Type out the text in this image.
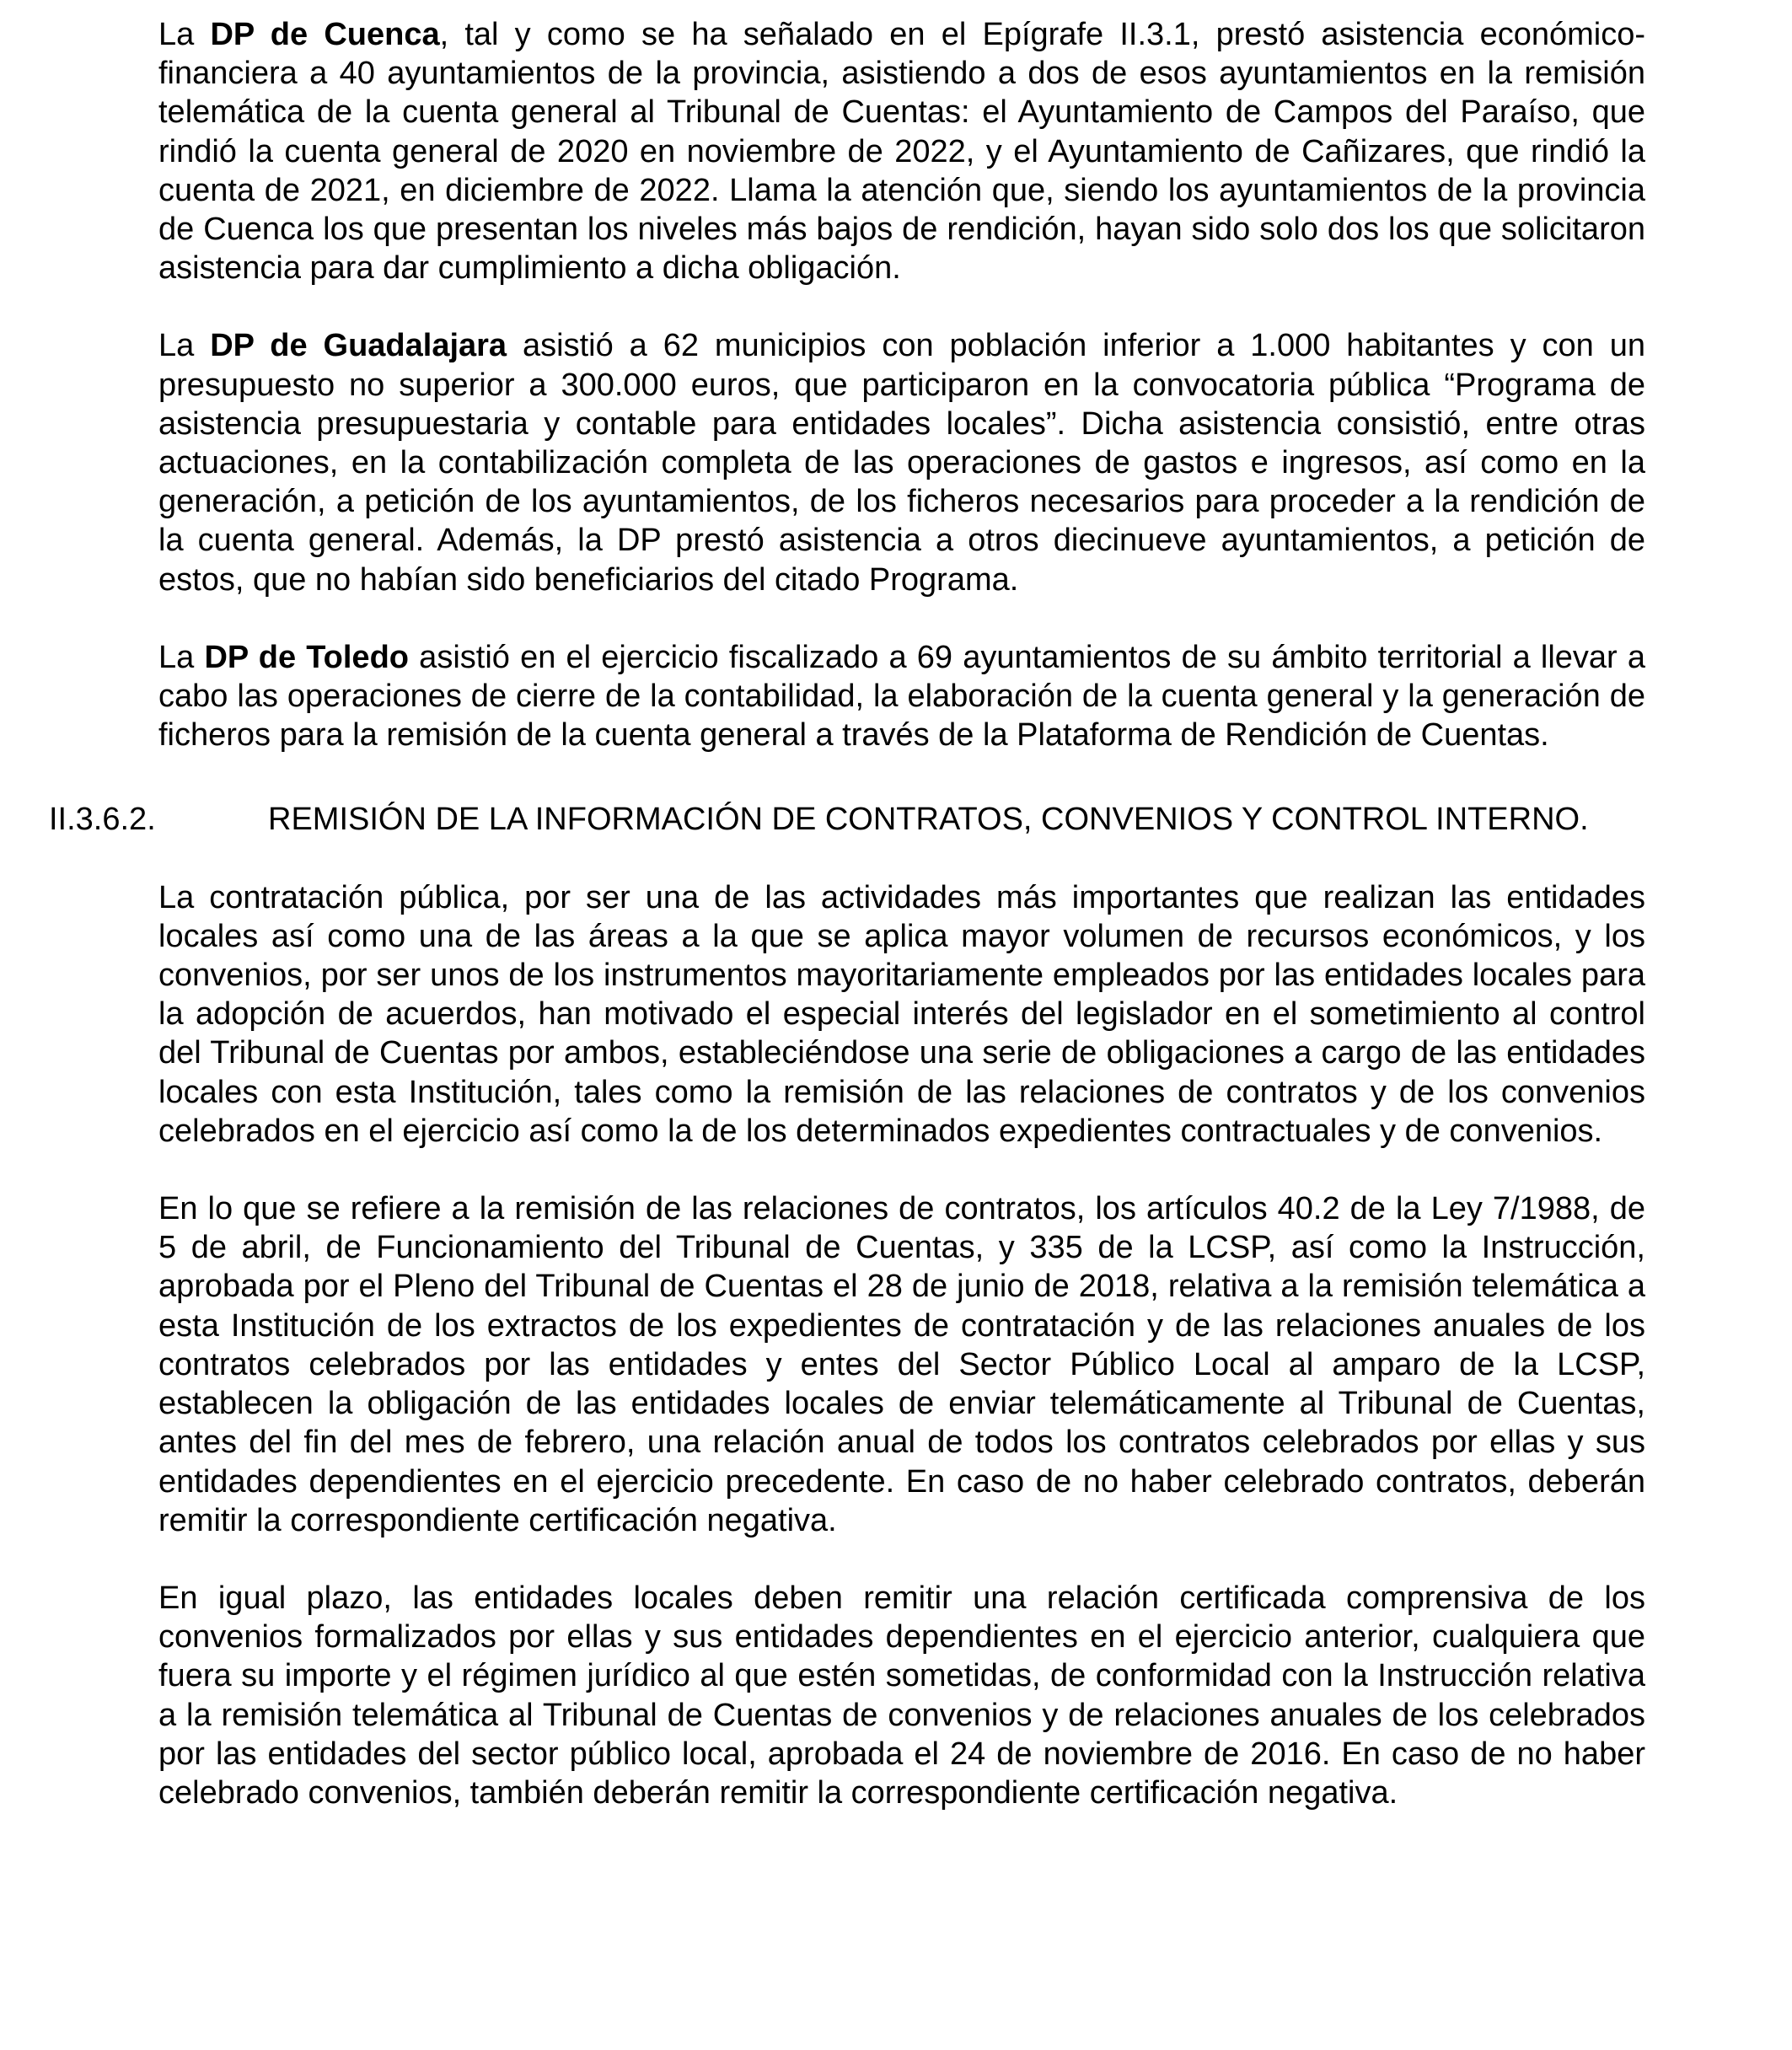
La DP de Cuenca, tal y como se ha señalado en el Epígrafe II.3.1, prestó asistencia económico-financiera a 40 ayuntamientos de la provincia, asistiendo a dos de esos ayuntamientos en la remisión telemática de la cuenta general al Tribunal de Cuentas: el Ayuntamiento de Campos del Paraíso, que rindió la cuenta general de 2020 en noviembre de 2022, y el Ayuntamiento de Cañizares, que rindió la cuenta de 2021, en diciembre de 2022. Llama la atención que, siendo los ayuntamientos de la provincia de Cuenca los que presentan los niveles más bajos de rendición, hayan sido solo dos los que solicitaron asistencia para dar cumplimiento a dicha obligación.

La DP de Guadalajara asistió a 62 municipios con población inferior a 1.000 habitantes y con un presupuesto no superior a 300.000 euros, que participaron en la convocatoria pública “Programa de asistencia presupuestaria y contable para entidades locales”. Dicha asistencia consistió, entre otras actuaciones, en la contabilización completa de las operaciones de gastos e ingresos, así como en la generación, a petición de los ayuntamientos, de los ficheros necesarios para proceder a la rendición de la cuenta general. Además, la DP prestó asistencia a otros diecinueve ayuntamientos, a petición de estos, que no habían sido beneficiarios del citado Programa.

La DP de Toledo asistió en el ejercicio fiscalizado a 69 ayuntamientos de su ámbito territorial a llevar a cabo las operaciones de cierre de la contabilidad, la elaboración de la cuenta general y la generación de ficheros para la remisión de la cuenta general a través de la Plataforma de Rendición de Cuentas.

II.3.6.2.	REMISIÓN DE LA INFORMACIÓN DE CONTRATOS, CONVENIOS Y CONTROL INTERNO.

La contratación pública, por ser una de las actividades más importantes que realizan las entidades locales así como una de las áreas a la que se aplica mayor volumen de recursos económicos, y los convenios, por ser unos de los instrumentos mayoritariamente empleados por las entidades locales para la adopción de acuerdos, han motivado el especial interés del legislador en el sometimiento al control del Tribunal de Cuentas por ambos, estableciéndose una serie de obligaciones a cargo de las entidades locales con esta Institución, tales como la remisión de las relaciones de contratos y de los convenios celebrados en el ejercicio así como la de los determinados expedientes contractuales y de convenios.

En lo que se refiere a la remisión de las relaciones de contratos, los artículos 40.2 de la Ley 7/1988, de 5 de abril, de Funcionamiento del Tribunal de Cuentas, y 335 de la LCSP, así como la Instrucción, aprobada por el Pleno del Tribunal de Cuentas el 28 de junio de 2018, relativa a la remisión telemática a esta Institución de los extractos de los expedientes de contratación y de las relaciones anuales de los contratos celebrados por las entidades y entes del Sector Público Local al amparo de la LCSP, establecen la obligación de las entidades locales de enviar telemáticamente al Tribunal de Cuentas, antes del fin del mes de febrero, una relación anual de todos los contratos celebrados por ellas y sus entidades dependientes en el ejercicio precedente. En caso de no haber celebrado contratos, deberán remitir la correspondiente certificación negativa.

En igual plazo, las entidades locales deben remitir una relación certificada comprensiva de los convenios formalizados por ellas y sus entidades dependientes en el ejercicio anterior, cualquiera que fuera su importe y el régimen jurídico al que estén sometidas, de conformidad con la Instrucción relativa a la remisión telemática al Tribunal de Cuentas de convenios y de relaciones anuales de los celebrados por las entidades del sector público local, aprobada el 24 de noviembre de 2016. En caso de no haber celebrado convenios, también deberán remitir la correspondiente certificación negativa.
